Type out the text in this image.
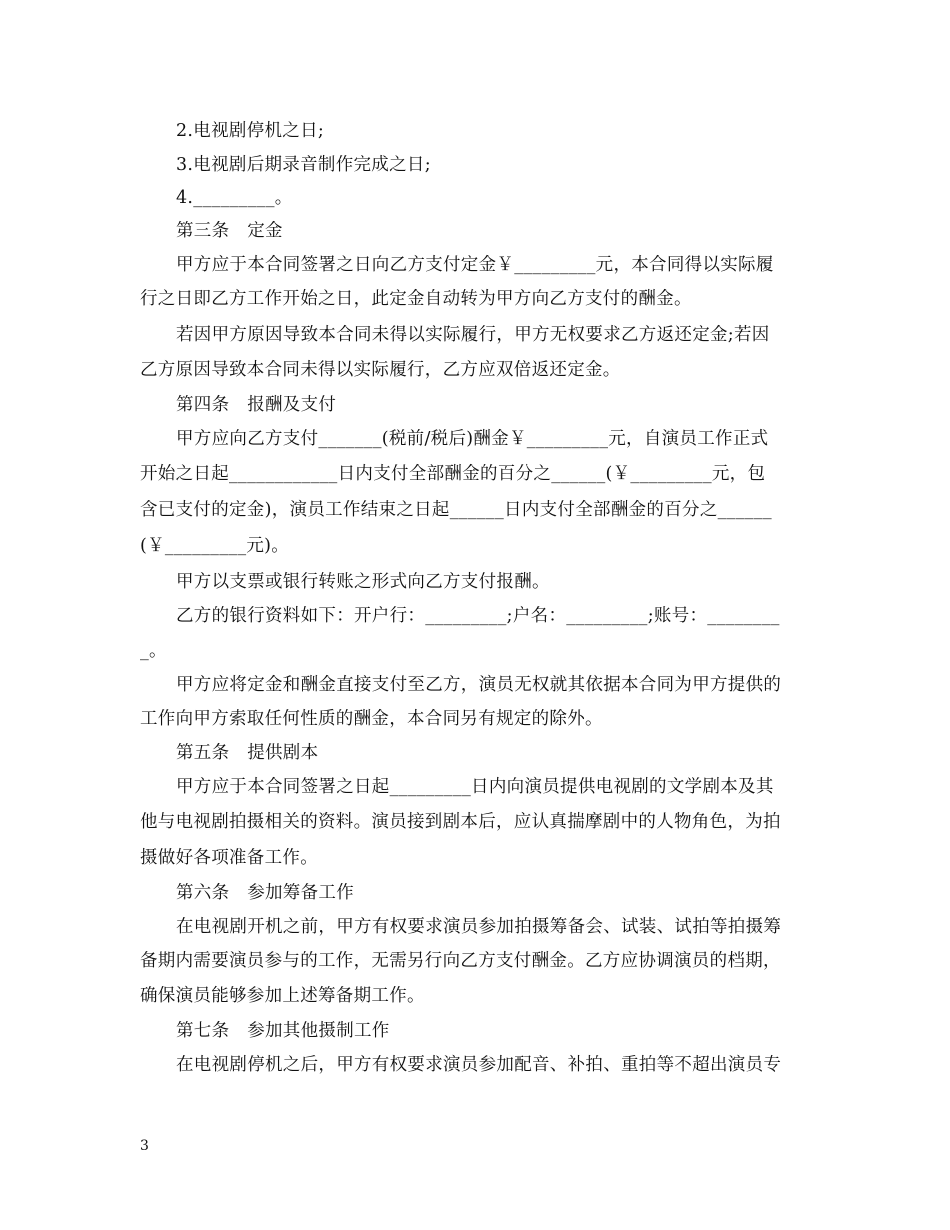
2.电视剧停机之日;
3.电视剧后期录音制作完成之日;
4._________。
第三条　定金
甲方应于本合同签署之日向乙方支付定金￥_________元，本合同得以实际履
行之日即乙方工作开始之日，此定金自动转为甲方向乙方支付的酬金。
若因甲方原因导致本合同未得以实际履行，甲方无权要求乙方返还定金;若因
乙方原因导致本合同未得以实际履行，乙方应双倍返还定金。
第四条　报酬及支付
甲方应向乙方支付_______(税前/税后)酬金￥_________元，自演员工作正式
开始之日起____________日内支付全部酬金的百分之______(￥_________元，包
含已支付的定金)，演员工作结束之日起______日内支付全部酬金的百分之______
(￥_________元)。
甲方以支票或银行转账之形式向乙方支付报酬。
乙方的银行资料如下：开户行：_________;户名：_________;账号：________
_。
甲方应将定金和酬金直接支付至乙方，演员无权就其依据本合同为甲方提供的
工作向甲方索取任何性质的酬金，本合同另有规定的除外。
第五条　提供剧本
甲方应于本合同签署之日起_________日内向演员提供电视剧的文学剧本及其
他与电视剧拍摄相关的资料。演员接到剧本后，应认真揣摩剧中的人物角色，为拍
摄做好各项准备工作。
第六条　参加筹备工作
在电视剧开机之前，甲方有权要求演员参加拍摄筹备会、试装、试拍等拍摄筹
备期内需要演员参与的工作，无需另行向乙方支付酬金。乙方应协调演员的档期，
确保演员能够参加上述筹备期工作。
第七条　参加其他摄制工作
在电视剧停机之后，甲方有权要求演员参加配音、补拍、重拍等不超出演员专
3
